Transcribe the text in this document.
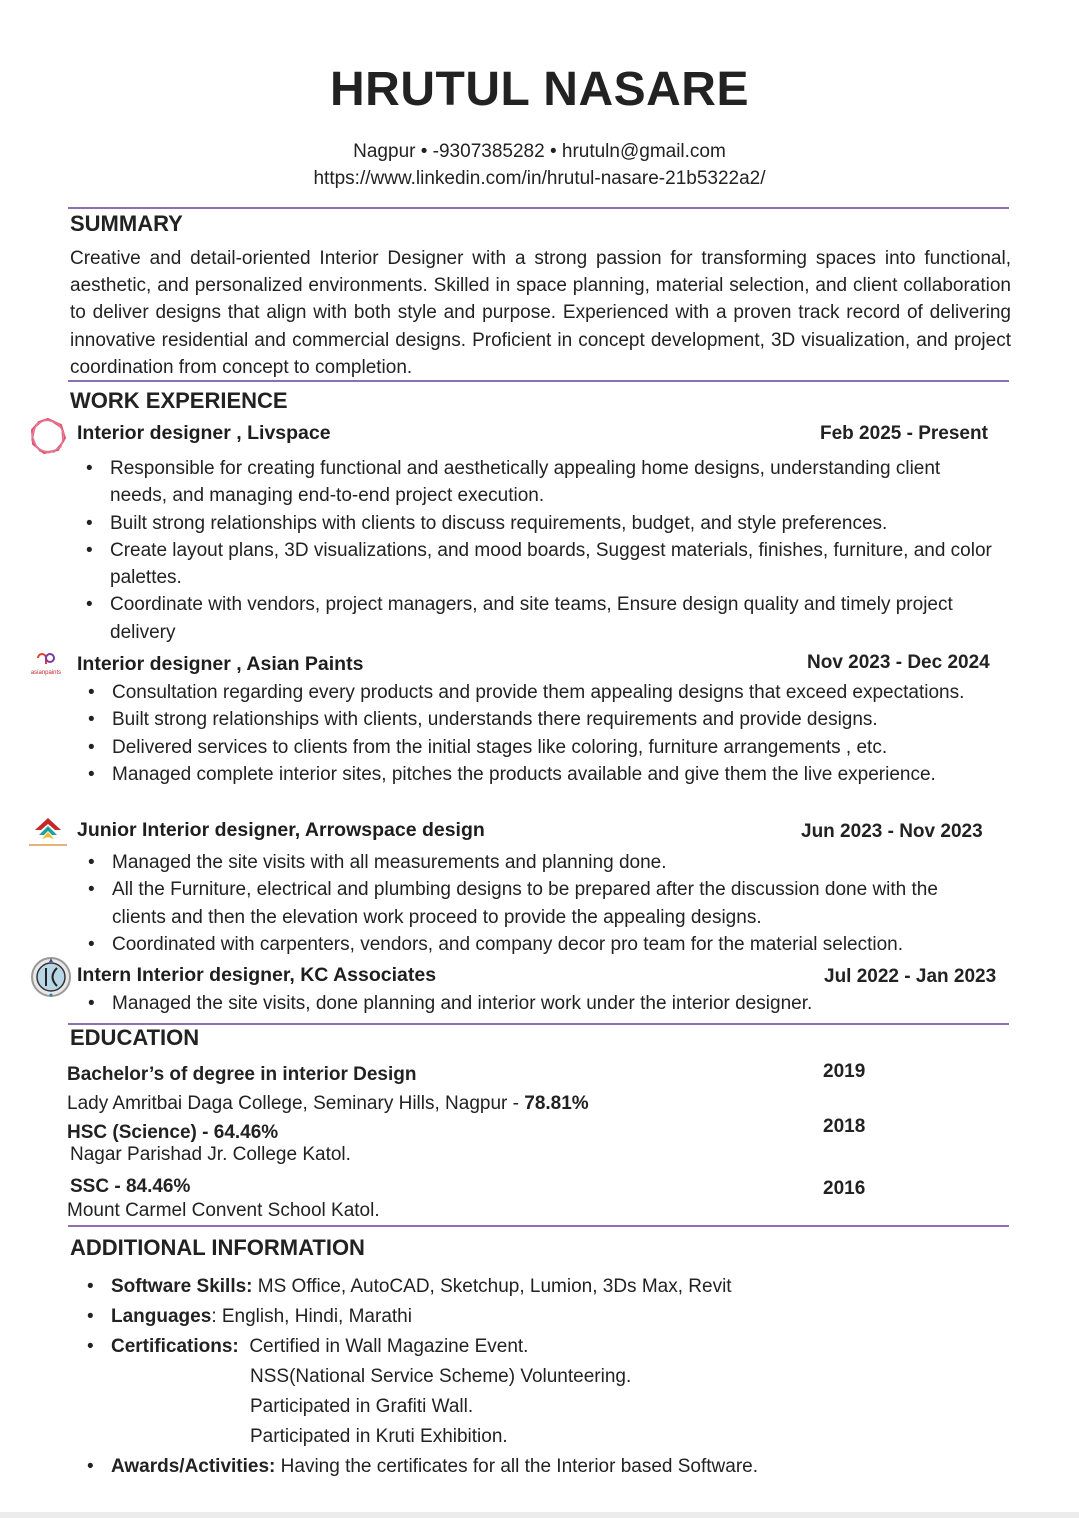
HRUTUL NASARE
Nagpur • -9307385282 • hrutuln@gmail.com
https://www.linkedin.com/in/hrutul-nasare-21b5322a2/
SUMMARY
Creative and detail-oriented Interior Designer with a strong passion for transforming spaces into functional, aesthetic, and personalized environments. Skilled in space planning, material selection, and client collaboration to deliver designs that align with both style and purpose. Experienced with a proven track record of delivering innovative residential and commercial designs. Proficient in concept development, 3D visualization, and project coordination from concept to completion.
WORK EXPERIENCE
Interior designer , Livspace	Feb 2025 - Present
• Responsible for creating functional and aesthetically appealing home designs, understanding client needs, and managing end-to-end project execution.
• Built strong relationships with clients to discuss requirements, budget, and style preferences.
• Create layout plans, 3D visualizations, and mood boards, Suggest materials, finishes, furniture, and color palettes.
• Coordinate with vendors, project managers, and site teams, Ensure design quality and timely project delivery
asianpaints Interior designer , Asian Paints	Nov 2023 - Dec 2024
• Consultation regarding every products and provide them appealing designs that exceed expectations.
• Built strong relationships with clients, understands there requirements and provide designs.
• Delivered services to clients from the initial stages like coloring, furniture arrangements , etc.
• Managed complete interior sites, pitches the products available and give them the live experience.
Junior Interior designer, Arrowspace design	Jun 2023 - Nov 2023
• Managed the site visits with all measurements and planning done.
• All the Furniture, electrical and plumbing designs to be prepared after the discussion done with the clients and then the elevation work proceed to provide the appealing designs.
• Coordinated with carpenters, vendors, and company decor pro team for the material selection.
Intern Interior designer, KC Associates	Jul 2022 - Jan 2023
• Managed the site visits, done planning and interior work under the interior designer.
EDUCATION
Bachelor’s of degree in interior Design
Lady Amritbai Daga College, Seminary Hills, Nagpur - 78.81%
2019
HSC (Science) - 64.46%
Nagar Parishad Jr. College Katol.
2018
SSC - 84.46%
Mount Carmel Convent School Katol.
2016
ADDITIONAL INFORMATION
• Software Skills: MS Office, AutoCAD, Sketchup, Lumion, 3Ds Max, Revit
• Languages: English, Hindi, Marathi
• Certifications: Certified in Wall Magazine Event.
NSS(National Service Scheme) Volunteering.
Participated in Grafiti Wall.
Participated in Kruti Exhibition.
• Awards/Activities: Having the certificates for all the Interior based Software.
